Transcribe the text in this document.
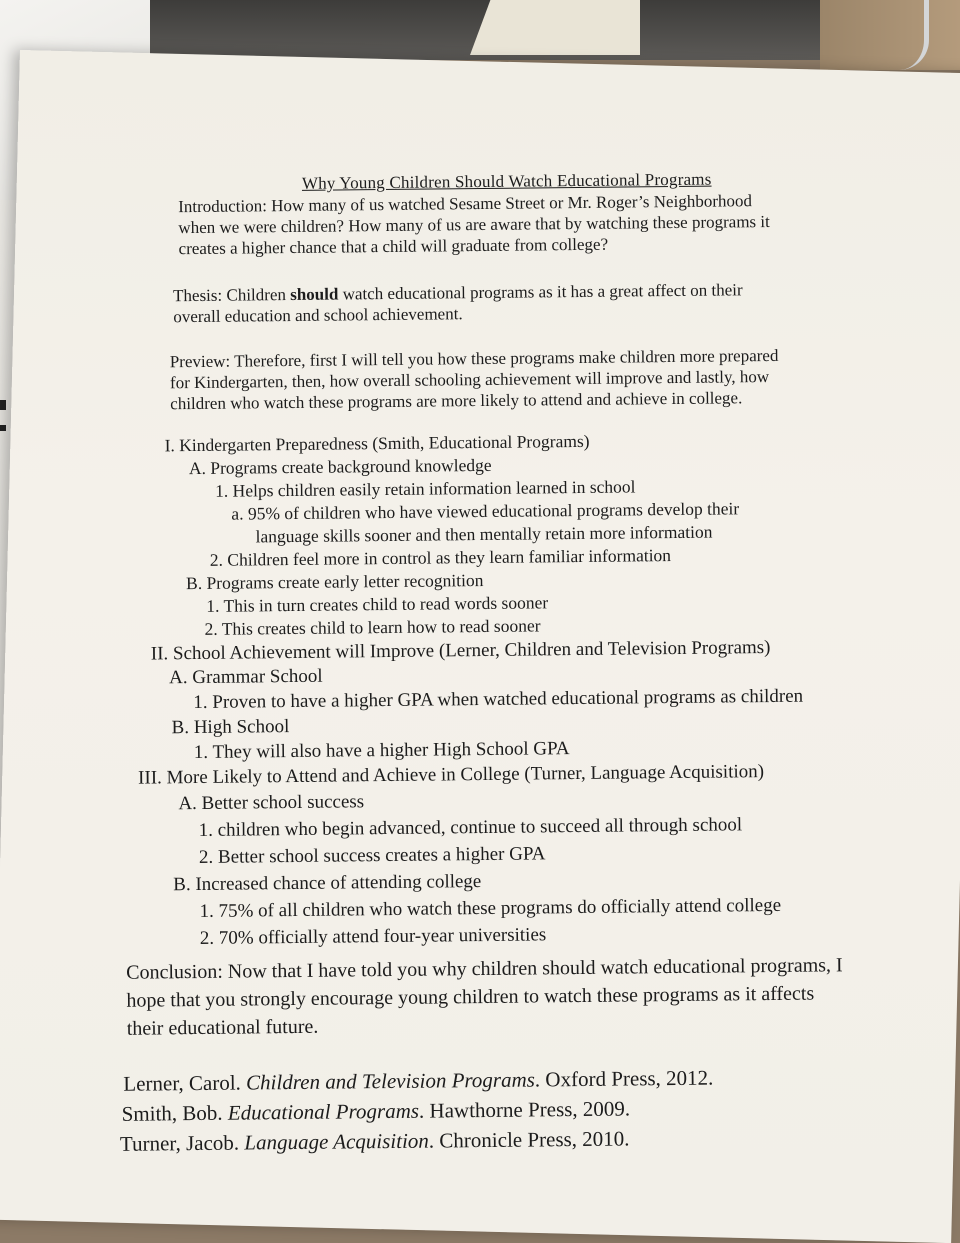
Why Young Children Should Watch Educational Programs
Introduction: How many of us watched Sesame Street or Mr. Roger’s Neighborhood
when we were children? How many of us are aware that by watching these programs it
creates a higher chance that a child will graduate from college?
Thesis: Children should watch educational programs as it has a great affect on their
overall education and school achievement.
Preview: Therefore, first I will tell you how these programs make children more prepared
for Kindergarten, then, how overall schooling achievement will improve and lastly, how
children who watch these programs are more likely to attend and achieve in college.
I. Kindergarten Preparedness (Smith, Educational Programs)
A. Programs create background knowledge
1. Helps children easily retain information learned in school
a. 95% of children who have viewed educational programs develop their
language skills sooner and then mentally retain more information
2. Children feel more in control as they learn familiar information
B. Programs create early letter recognition
1. This in turn creates child to read words sooner
2. This creates child to learn how to read sooner
II. School Achievement will Improve (Lerner, Children and Television Programs)
A. Grammar School
1. Proven to have a higher GPA when watched educational programs as children
B. High School
1. They will also have a higher High School GPA
III. More Likely to Attend and Achieve in College (Turner, Language Acquisition)
A. Better school success
1. children who begin advanced, continue to succeed all through school
2. Better school success creates a higher GPA
B. Increased chance of attending college
1. 75% of all children who watch these programs do officially attend college
2. 70% officially attend four-year universities
Conclusion: Now that I have told you why children should watch educational programs, I
hope that you strongly encourage young children to watch these programs as it affects
their educational future.
Lerner, Carol. Children and Television Programs. Oxford Press, 2012.
Smith, Bob. Educational Programs. Hawthorne Press, 2009.
Turner, Jacob. Language Acquisition. Chronicle Press, 2010.
